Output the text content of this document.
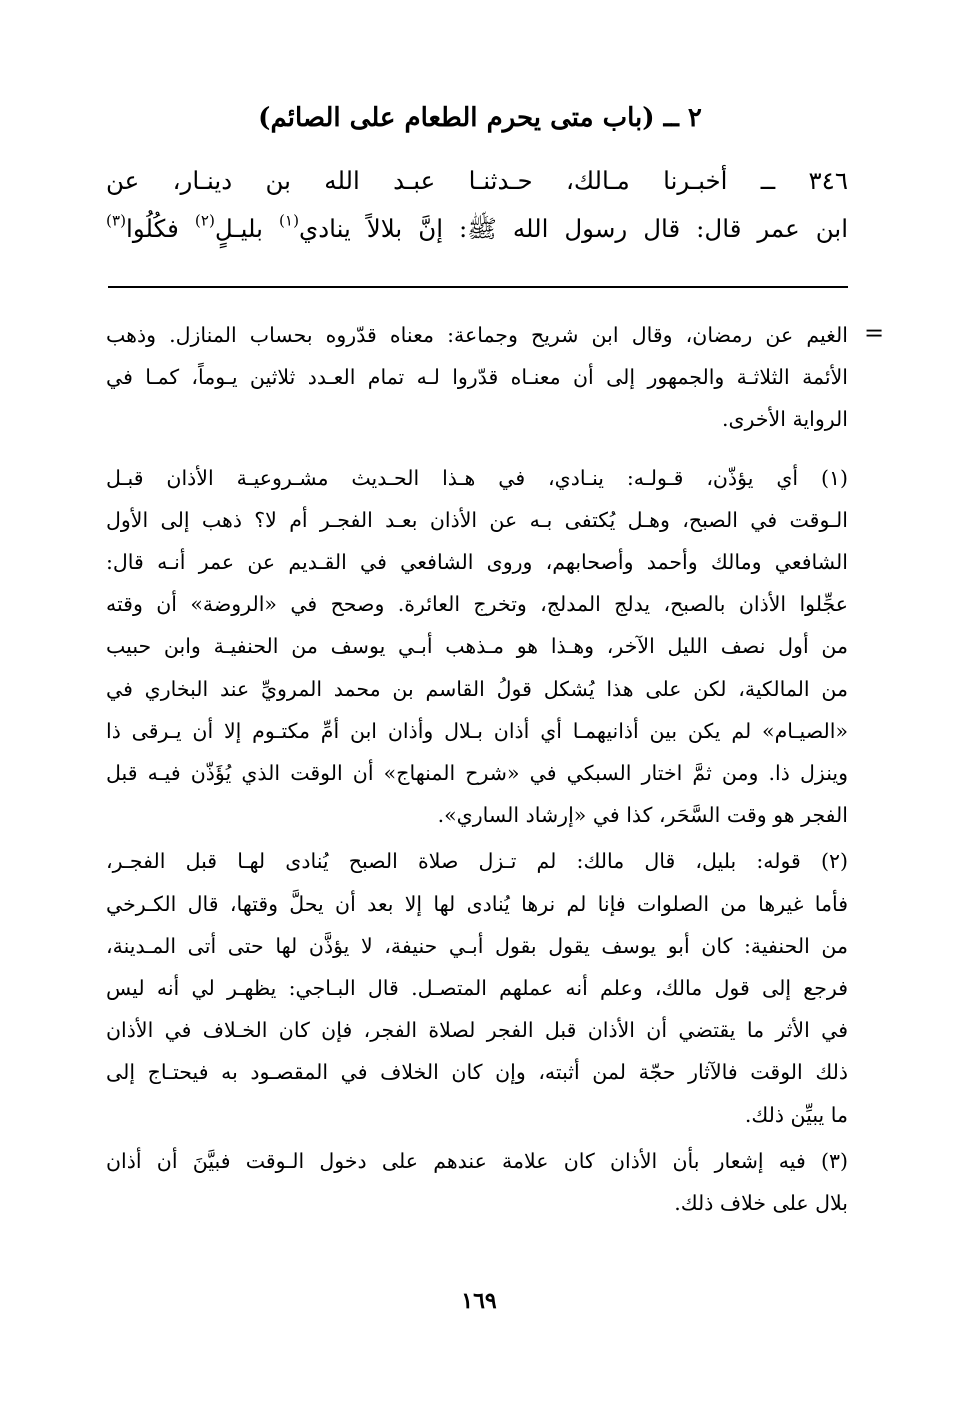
٢ ــ (باب متى يحرم الطعام على الصائم)
٣٤٦ ــ أخبـرنا مـالك، حـدثنـا عبـد الله بن دينـار، عن
ابن عمر قال: قال رسول الله ﷺ: إنَّ بلالاً ينادي$^{(١)}$ بليـلٍ$^{(٢)}$ فكُلُوا$^{(٣)}$
=
الغيم عن رمضان، وقال ابن شريح وجماعة: معناه قدّروه بحساب المنازل. وذهب
الأئمة الثلاثـة والجمهور إلى أن معنـاه قدّروا لـه تمام العـدد ثلاثين يـوماً، كمـا في
الرواية الأخرى.
(١) أي يؤذّن، قـولـه: ينـادي، في هـذا الحـديث مشـروعيـة الأذان قبـل
الـوقت في الصبح، وهـل يُكتفى بـه عن الأذان بعـد الفجـر أم لا؟ ذهب إلى الأول
الشافعي ومالك وأحمد وأصحابهم، وروى الشافعي في القـديم عن عمر أنـه قال:
عجِّلوا الأذان بالصبح، يدلج المدلج، وتخرج العائرة. وصحح في «الروضة» أن وقته
من أول نصف الليل الآخر، وهـذا هو مـذهب أبـي يوسف من الحنفيـة وابن حبيب
من المالكية، لكن على هذا يُشكل قولُ القاسم بن محمد المرويِّ عند البخاري في
«الصيـام» لم يكن بين أذانيهمـا أي أذان بـلال وأذان ابن أمِّ مكتـوم إلا أن يـرقى ذا
وينزل ذا. ومن ثمَّ اختار السبكي في «شرح المنهاج» أن الوقت الذي يُؤَذّن فيـه قبل
الفجر هو وقت السَّحَر، كذا في «إرشاد الساري».
(٢) قوله: بليل، قال مالك: لم تـزل صلاة الصبح يُنادى لهـا قبل الفجـر،
فأما غيرها من الصلوات فإنا لم نرها يُنادى لها إلا بعد أن يحلَّ وقتها، قال الكـرخي
من الحنفية: كان أبو يوسف يقول بقول أبـي حنيفة، لا يؤذَّن لها حتى أتى المـدينة،
فرجع إلى قول مالك، وعلم أنه عملهم المتصـل. قال البـاجي: يظهـر لي أنه ليس
في الأثر ما يقتضي أن الأذان قبل الفجر لصلاة الفجر، فإن كان الخـلاف في الأذان
ذلك الوقت فالآثار حجّة لمن أثبته، وإن كان الخلاف في المقصـود به فيحتـاج إلى
ما يبيِّن ذلك.
(٣) فيه إشعار بأن الأذان كان علامة عندهم على دخول الـوقت فبيَّنَ أن أذان
بلال على خلاف ذلك.
١٦٩
